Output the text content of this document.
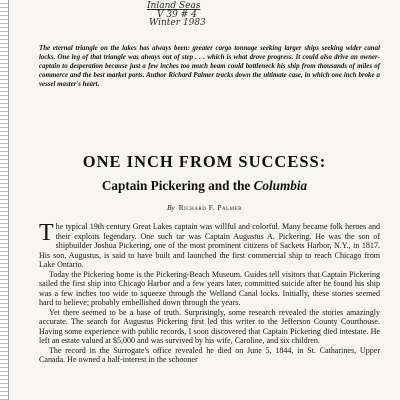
Inland Seas
V 39 # 4
Winter 1983
The eternal triangle on the lakes has always been: greater cargo tonnage seeking larger ships seeking wider canal locks. One leg of that triangle was always out of step . . . which is what drove progress. It could also drive an owner-captain to desperation because just a few inches too much beam could bottleneck his ship from thousands of miles of commerce and the best market ports. Author Richard Palmer tracks down the ultimate case, in which one inch broke a vessel master's heart.
ONE INCH FROM SUCCESS:
Captain Pickering and the Columbia
By Richard F. Palmer

The typical 19th century Great Lakes captain was willful and colorful. Many became folk heroes and their exploits legendary. One such tar was Captain Augustus A. Pickering. He was the son of shipbuilder Joshua Pickering, one of the most prominent citizens of Sackets Harbor, N.Y., in 1817. His son, Augustus, is said to have built and launched the first commercial ship to reach Chicago from Lake Ontario.

Today the Pickering home is the Pickering-Beach Museum. Guides tell visitors that Captain Pickering sailed the first ship into Chicago Harbor and a few years later, committed suicide after he found his ship was a few inches too wide to squeeze through the Welland Canal locks. Initially, these stories seemed hard to believe; probably embellished down through the years.

Yet there seemed to be a base of truth. Surprisingly, some research revealed the stories amazingly accurate. The search for Augustus Pickering first led this writer to the Jefferson County Courthouse. Having some experience with public records, I soon discovered that Captain Pickering died intestate. He left an estate valued at $5,000 and was survived by his wife, Caroline, and six children.

The record in the Surrogate's office revealed he died on June 5, 1844, in St. Catharines, Upper Canada. He owned a half-interest in the schooner
